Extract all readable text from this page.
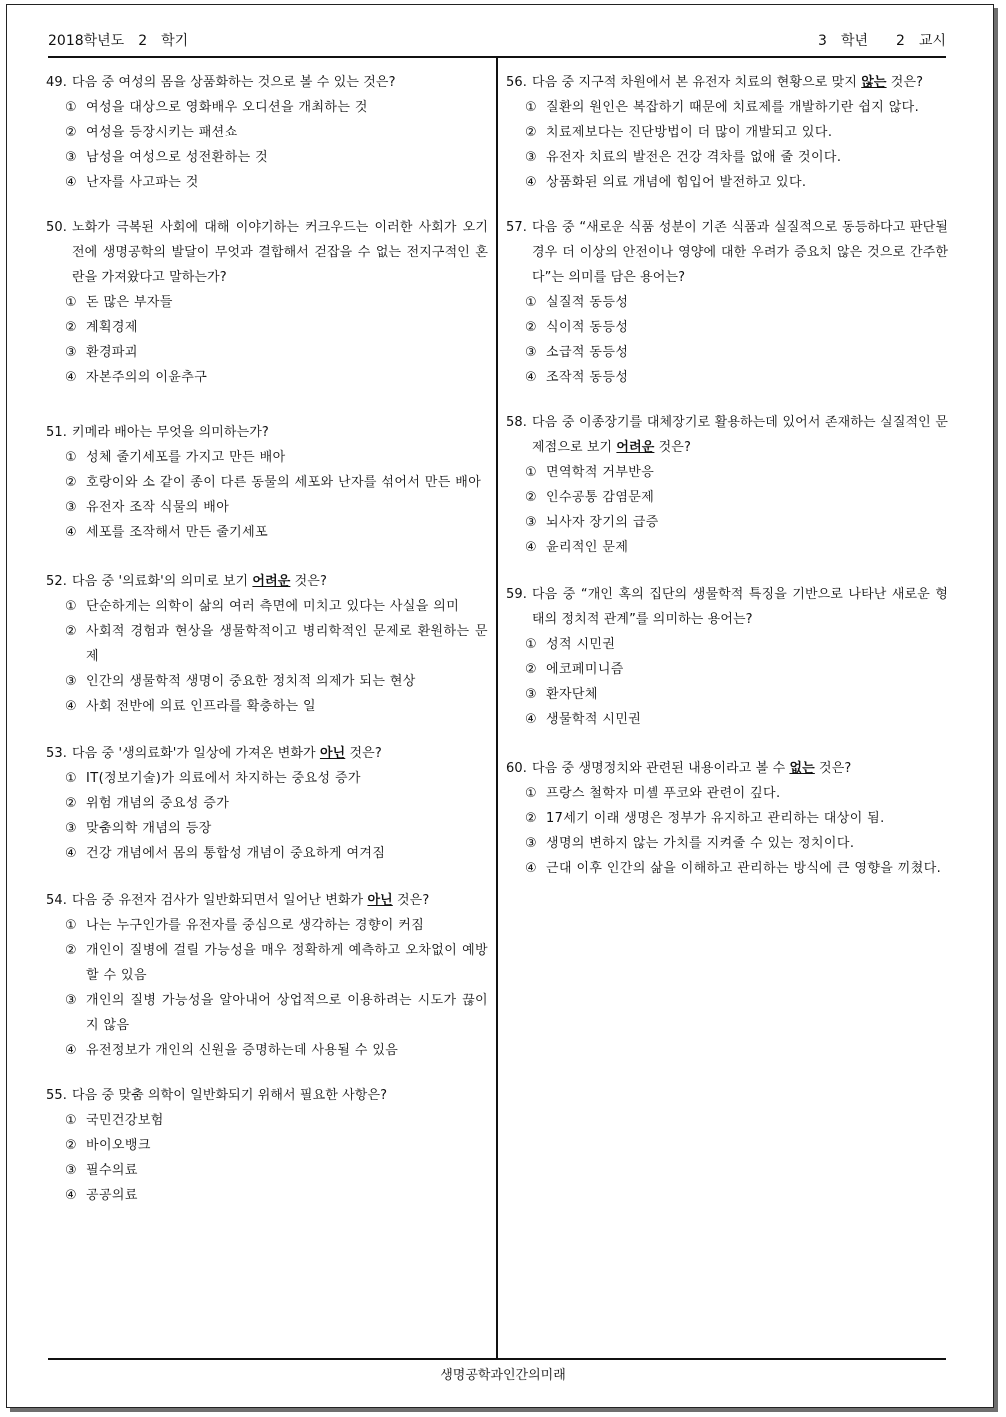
2018학년도 2 학기	3 학년 2 교시
49. 다음 중 여성의 몸을 상품화하는 것으로 볼 수 있는 것은?
① 여성을 대상으로 영화배우 오디션을 개최하는 것
② 여성을 등장시키는 패션쇼
③ 남성을 여성으로 성전환하는 것
④ 난자를 사고파는 것
50. 노화가 극복된 사회에 대해 이야기하는 커크우드는 이러한 사회가 오기 전에 생명공학의 발달이 무엇과 결합해서 걷잡을 수 없는 전지구적인 혼란을 가져왔다고 말하는가?
① 돈 많은 부자들
② 계획경제
③ 환경파괴
④ 자본주의의 이윤추구
51. 키메라 배아는 무엇을 의미하는가?
① 성체 줄기세포를 가지고 만든 배아
② 호랑이와 소 같이 종이 다른 동물의 세포와 난자를 섞어서 만든 배아
③ 유전자 조작 식물의 배아
④ 세포를 조작해서 만든 줄기세포
52. 다음 중 '의료화'의 의미로 보기 어려운 것은?
① 단순하게는 의학이 삶의 여러 측면에 미치고 있다는 사실을 의미
② 사회적 경험과 현상을 생물학적이고 병리학적인 문제로 환원하는 문제
③ 인간의 생물학적 생명이 중요한 정치적 의제가 되는 현상
④ 사회 전반에 의료 인프라를 확충하는 일
53. 다음 중 '생의료화'가 일상에 가져온 변화가 아닌 것은?
① IT(정보기술)가 의료에서 차지하는 중요성 증가
② 위험 개념의 중요성 증가
③ 맞춤의학 개념의 등장
④ 건강 개념에서 몸의 통합성 개념이 중요하게 여겨짐
54. 다음 중 유전자 검사가 일반화되면서 일어난 변화가 아닌 것은?
① 나는 누구인가를 유전자를 중심으로 생각하는 경향이 커짐
② 개인이 질병에 걸릴 가능성을 매우 정확하게 예측하고 오차없이 예방할 수 있음
③ 개인의 질병 가능성을 알아내어 상업적으로 이용하려는 시도가 끊이지 않음
④ 유전정보가 개인의 신원을 증명하는데 사용될 수 있음
55. 다음 중 맞춤 의학이 일반화되기 위해서 필요한 사항은?
① 국민건강보험
② 바이오뱅크
③ 필수의료
④ 공공의료
56. 다음 중 지구적 차원에서 본 유전자 치료의 현황으로 맞지 않는 것은?
① 질환의 원인은 복잡하기 때문에 치료제를 개발하기란 쉽지 않다.
② 치료제보다는 진단방법이 더 많이 개발되고 있다.
③ 유전자 치료의 발전은 건강 격차를 없애 줄 것이다.
④ 상품화된 의료 개념에 힘입어 발전하고 있다.
57. 다음 중 “새로운 식품 성분이 기존 식품과 실질적으로 동등하다고 판단될 경우 더 이상의 안전이나 영양에 대한 우려가 증요치 않은 것으로 간주한다”는 의미를 담은 용어는?
① 실질적 동등성
② 식이적 동등성
③ 소급적 동등성
④ 조작적 동등성
58. 다음 중 이종장기를 대체장기로 활용하는데 있어서 존재하는 실질적인 문제점으로 보기 어려운 것은?
① 면역학적 거부반응
② 인수공통 감염문제
③ 뇌사자 장기의 급증
④ 윤리적인 문제
59. 다음 중 “개인 혹의 집단의 생물학적 특징을 기반으로 나타난 새로운 형태의 정치적 관계”를 의미하는 용어는?
① 성적 시민권
② 에코페미니즘
③ 환자단체
④ 생물학적 시민권
60. 다음 중 생명정치와 관련된 내용이라고 볼 수 없는 것은?
① 프랑스 철학자 미셸 푸코와 관련이 깊다.
② 17세기 이래 생명은 정부가 유지하고 관리하는 대상이 됨.
③ 생명의 변하지 않는 가치를 지켜줄 수 있는 정치이다.
④ 근대 이후 인간의 삶을 이해하고 관리하는 방식에 큰 영향을 끼쳤다.
생명공학과인간의미래
